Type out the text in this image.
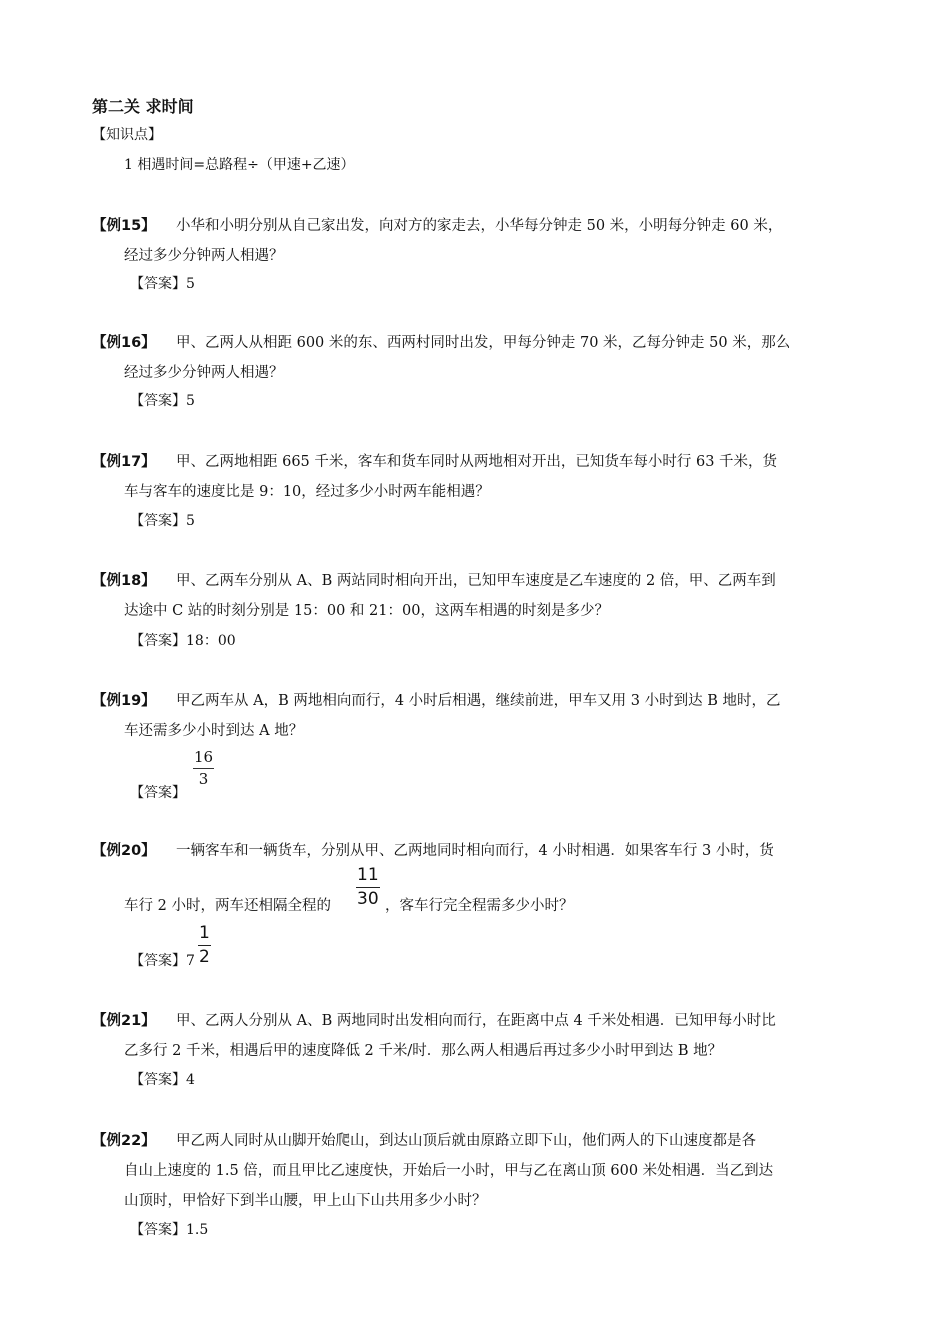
第二关 求时间
【知识点】
1 相遇时间=总路程÷（甲速+乙速）
【例15】 小华和小明分别从自己家出发，向对方的家走去，小华每分钟走 50 米，小明每分钟走 60 米，
经过多少分钟两人相遇？
【答案】5
【例16】 甲、乙两人从相距 600 米的东、西两村同时出发，甲每分钟走 70 米，乙每分钟走 50 米，那么
经过多少分钟两人相遇？
【答案】5
【例17】 甲、乙两地相距 665 千米，客车和货车同时从两地相对开出，已知货车每小时行 63 千米，货
车与客车的速度比是 9：10，经过多少小时两车能相遇？
【答案】5
【例18】 甲、乙两车分别从 A、B 两站同时相向开出，已知甲车速度是乙车速度的 2 倍，甲、乙两车到
达途中 C 站的时刻分别是 15：00 和 21：00，这两车相遇的时刻是多少？
【答案】18：00
【例19】 甲乙两车从 A，B 两地相向而行，4 小时后相遇，继续前进，甲车又用 3 小时到达 B 地时，乙
车还需多少小时到达 A 地？
【答案】
$\frac{16}{3}$
【例20】 一辆客车和一辆货车，分别从甲、乙两地同时相向而行，4 小时相遇．如果客车行 3 小时，货
车行 2 小时，两车还相隔全程的 $\frac{11}{30}$ ，客车行完全程需多少小时？
【答案】$7 \frac{1}{2}$
【例21】 甲、乙两人分别从 A、B 两地同时出发相向而行，在距离中点 4 千米处相遇．已知甲每小时比
乙多行 2 千米，相遇后甲的速度降低 2 千米/时．那么两人相遇后再过多少小时甲到达 B 地？
【答案】4
【例22】 甲乙两人同时从山脚开始爬山，到达山顶后就由原路立即下山，他们两人的下山速度都是各
自山上速度的 1.5 倍，而且甲比乙速度快，开始后一小时，甲与乙在离山顶 600 米处相遇．当乙到达
山顶时，甲恰好下到半山腰，甲上山下山共用多少小时？
【答案】1.5
